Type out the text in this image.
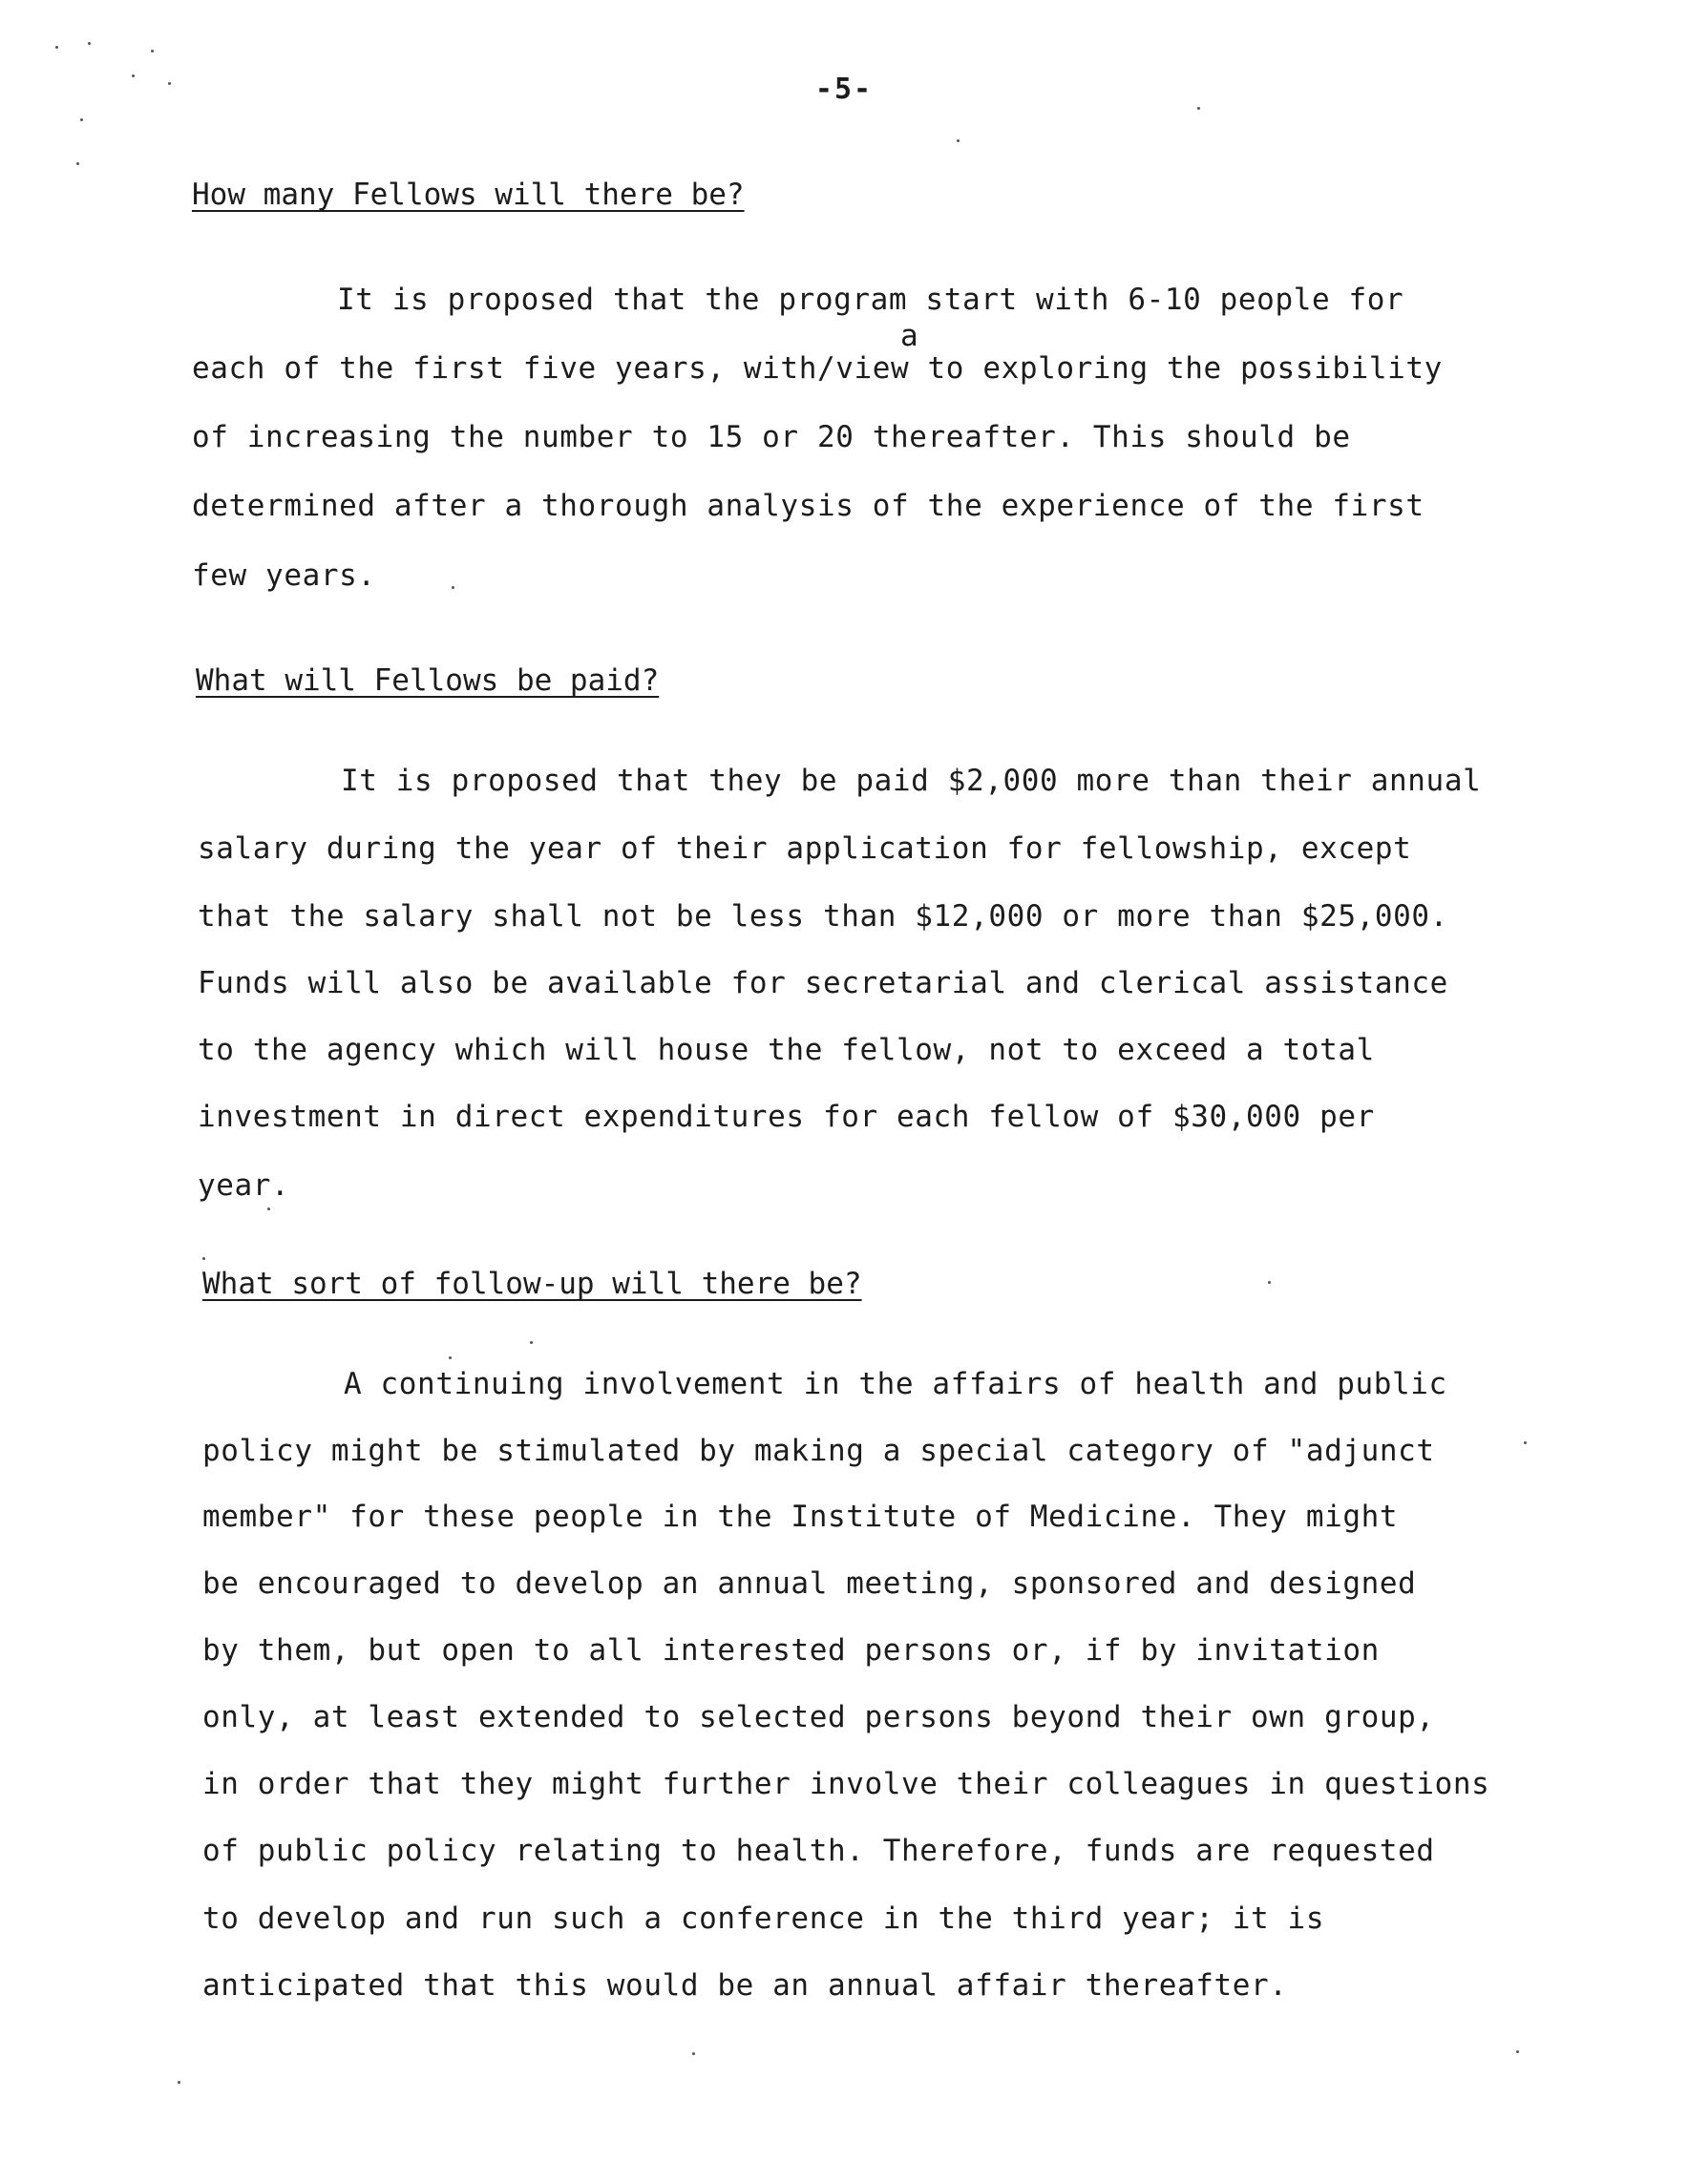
-5-
How many Fellows will there be?
It is proposed that the program start with 6-10 people for
a
each of the first five years, with/view to exploring the possibility
of increasing the number to 15 or 20 thereafter. This should be
determined after a thorough analysis of the experience of the first
few years.
What will Fellows be paid?
It is proposed that they be paid $2,000 more than their annual
salary during the year of their application for fellowship, except
that the salary shall not be less than $12,000 or more than $25,000.
Funds will also be available for secretarial and clerical assistance
to the agency which will house the fellow, not to exceed a total
investment in direct expenditures for each fellow of $30,000 per
year.
What sort of follow-up will there be?
A continuing involvement in the affairs of health and public
policy might be stimulated by making a special category of "adjunct
member" for these people in the Institute of Medicine. They might
be encouraged to develop an annual meeting, sponsored and designed
by them, but open to all interested persons or, if by invitation
only, at least extended to selected persons beyond their own group,
in order that they might further involve their colleagues in questions
of public policy relating to health. Therefore, funds are requested
to develop and run such a conference in the third year; it is
anticipated that this would be an annual affair thereafter.
